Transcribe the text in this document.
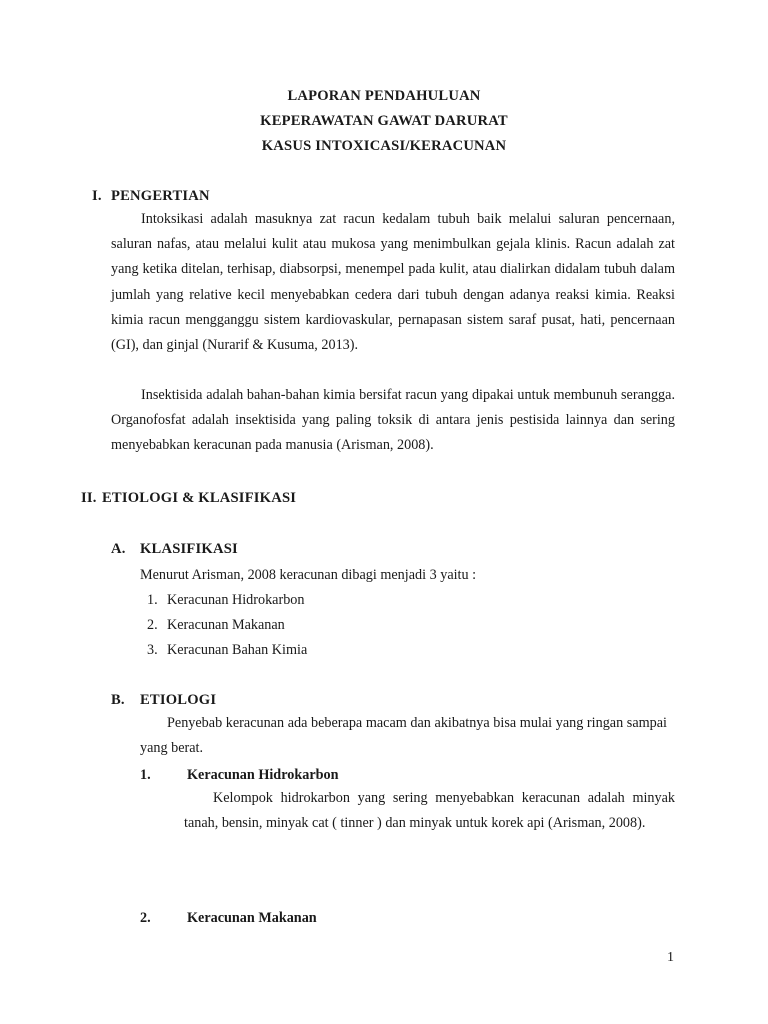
LAPORAN PENDAHULUAN
KEPERAWATAN GAWAT DARURAT
KASUS INTOXICASI/KERACUNAN
I. PENGERTIAN

Intoksikasi adalah masuknya zat racun kedalam tubuh baik melalui saluran pencernaan, saluran nafas, atau melalui kulit atau mukosa yang menimbulkan gejala klinis. Racun adalah zat yang ketika ditelan, terhisap, diabsorpsi, menempel pada kulit, atau dialirkan didalam tubuh dalam jumlah yang relative kecil menyebabkan cedera dari tubuh dengan adanya reaksi kimia. Reaksi kimia racun mengganggu sistem kardiovaskular, pernapasan sistem saraf pusat, hati, pencernaan (GI), dan ginjal (Nurarif & Kusuma, 2013).

Insektisida adalah bahan-bahan kimia bersifat racun yang dipakai untuk membunuh serangga. Organofosfat adalah insektisida yang paling toksik di antara jenis pestisida lainnya dan sering menyebabkan keracunan pada manusia (Arisman, 2008).

II. ETIOLOGI & KLASIFIKASI
A. KLASIFIKASI
Menurut Arisman, 2008 keracunan dibagi menjadi 3 yaitu :
1. Keracunan Hidrokarbon
2. Keracunan Makanan
3. Keracunan Bahan Kimia
B. ETIOLOGI

Penyebab keracunan ada beberapa macam dan akibatnya bisa mulai yang ringan sampai yang berat.

1.	Keracunan Hidrokarbon

Kelompok hidrokarbon yang sering menyebabkan keracunan adalah minyak tanah, bensin, minyak cat ( tinner ) dan minyak untuk korek api (Arisman, 2008).

2.	Keracunan Makanan
1
